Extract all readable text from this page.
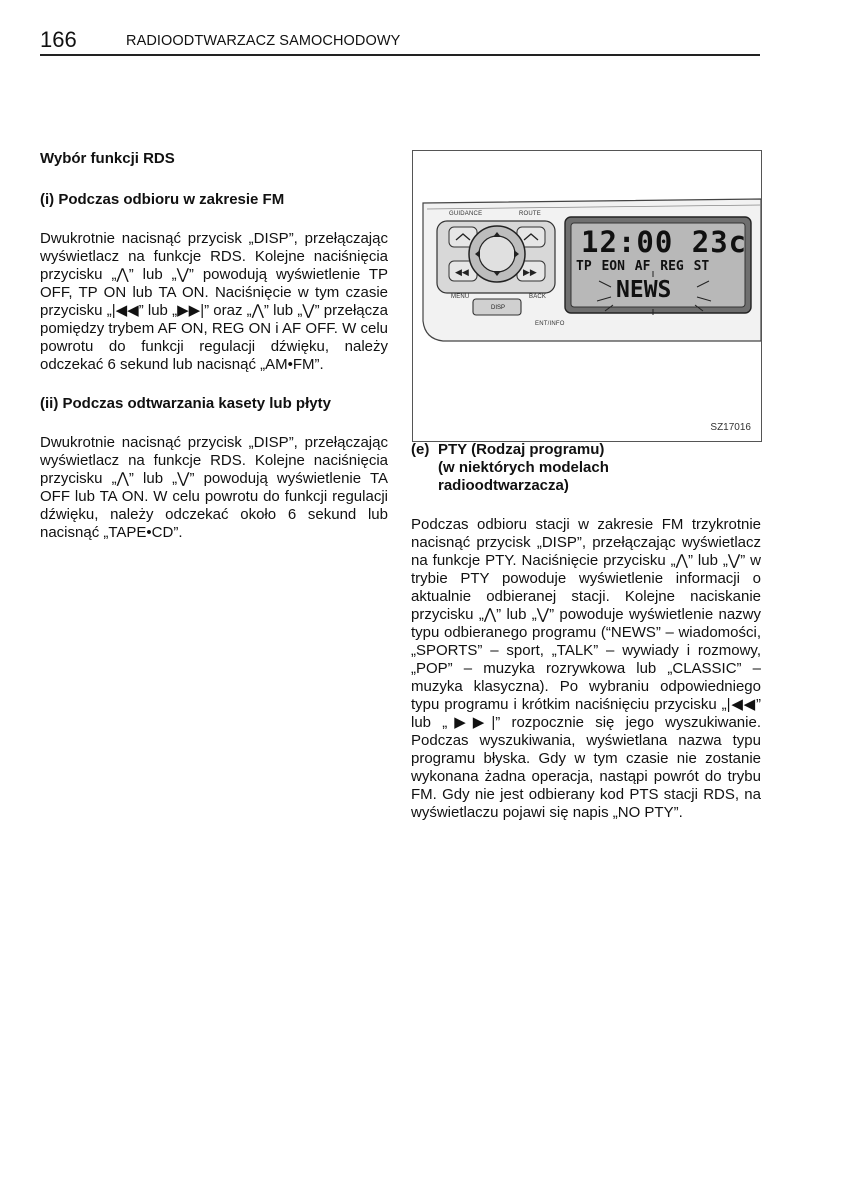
166	RADIOODTWARZACZ SAMOCHODOWY
Wybór funkcji RDS
(i) Podczas odbioru w zakresie FM

Dwukrotnie nacisnąć przycisk „DISP”, przełączając wyświetlacz na funkcje RDS. Kolejne naciśnięcia przycisku „⋀” lub „⋁” powodują wyświetlenie TP OFF, TP ON lub TA ON. Naciśnięcie w tym czasie przycisku „|◀◀” lub „▶▶|” oraz „⋀” lub „⋁” przełącza pomiędzy trybem AF ON, REG ON i AF OFF. W celu powrotu do funkcji regulacji dźwięku, należy odczekać 6 sekund lub nacisnąć „AM•FM”.

(ii) Podczas odtwarzania kasety lub płyty

Dwukrotnie nacisnąć przycisk „DISP”, przełączając wyświetlacz na funkcje RDS. Kolejne naciśnięcia przycisku „⋀” lub „⋁” powodują wyświetlenie TA OFF lub TA ON. W celu powrotu do funkcji regulacji dźwięku, należy odczekać około 6 sekund lub nacisnąć „TAPE•CD”.

◀◀	▶▶
GUIDANCE	ROUTE
MENU	BACK
DISP
ENT/INFO
12:00 23c
TP EON AF REG ST
NEWS
SZ17016
(e) PTY (Rodzaj programu)
(w niektórych modelach
radioodtwarzacza)

Podczas odbioru stacji w zakresie FM trzykrotnie nacisnąć przycisk „DISP”, przełączając wyświetlacz na funkcje PTY. Naciśnięcie przycisku „⋀” lub „⋁” w trybie PTY powoduje wyświetlenie informacji o aktualnie odbieranej stacji. Kolejne naciskanie przycisku „⋀” lub „⋁” powoduje wyświetlenie nazwy typu odbieranego programu (“NEWS” – wiadomości, „SPORTS” – sport, „TALK” – wywiady i rozmowy, „POP” – muzyka rozrywkowa lub „CLASSIC” – muzyka klasyczna). Po wybraniu odpowiedniego typu programu i krótkim naciśnięciu przycisku „|◀◀” lub „▶▶|” rozpocznie się jego wyszukiwanie. Podczas wyszukiwania, wyświetlana nazwa typu programu błyska. Gdy w tym czasie nie zostanie wykonana żadna operacja, nastąpi powrót do trybu FM. Gdy nie jest odbierany kod PTS stacji RDS, na wyświetlaczu pojawi się napis „NO PTY”.
